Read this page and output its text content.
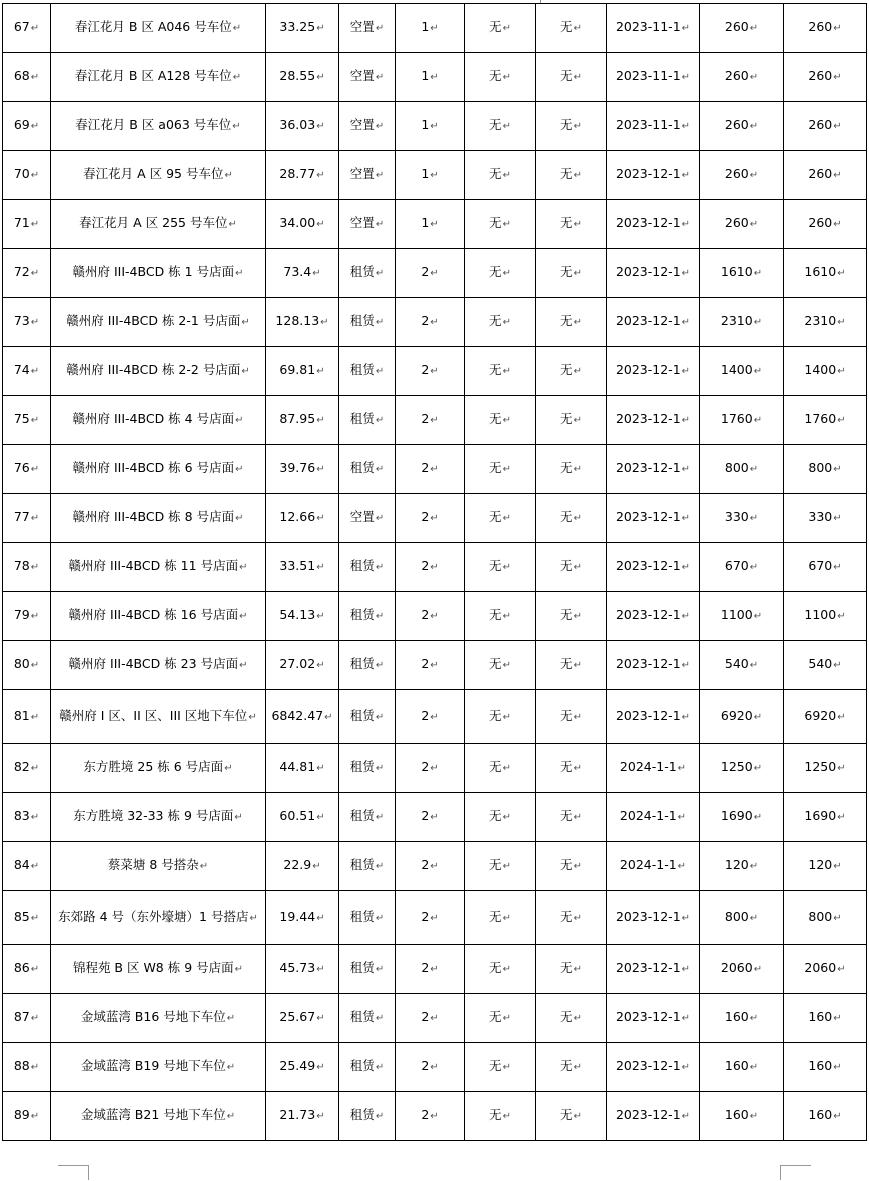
67↵	春江花月 B 区 A046 号车位↵	33.25↵	空置↵	1↵	无↵	无↵	2023-11-1↵	260↵	260↵
68↵	春江花月 B 区 A128 号车位↵	28.55↵	空置↵	1↵	无↵	无↵	2023-11-1↵	260↵	260↵
69↵	春江花月 B 区 a063 号车位↵	36.03↵	空置↵	1↵	无↵	无↵	2023-11-1↵	260↵	260↵
70↵	春江花月 A 区 95 号车位↵	28.77↵	空置↵	1↵	无↵	无↵	2023-12-1↵	260↵	260↵
71↵	春江花月 A 区 255 号车位↵	34.00↵	空置↵	1↵	无↵	无↵	2023-12-1↵	260↵	260↵
72↵	赣州府 III-4BCD 栋 1 号店面↵	73.4↵	租赁↵	2↵	无↵	无↵	2023-12-1↵	1610↵	1610↵
73↵	赣州府 III-4BCD 栋 2-1 号店面↵	128.13↵	租赁↵	2↵	无↵	无↵	2023-12-1↵	2310↵	2310↵
74↵	赣州府 III-4BCD 栋 2-2 号店面↵	69.81↵	租赁↵	2↵	无↵	无↵	2023-12-1↵	1400↵	1400↵
75↵	赣州府 III-4BCD 栋 4 号店面↵	87.95↵	租赁↵	2↵	无↵	无↵	2023-12-1↵	1760↵	1760↵
76↵	赣州府 III-4BCD 栋 6 号店面↵	39.76↵	租赁↵	2↵	无↵	无↵	2023-12-1↵	800↵	800↵
77↵	赣州府 III-4BCD 栋 8 号店面↵	12.66↵	空置↵	2↵	无↵	无↵	2023-12-1↵	330↵	330↵
78↵	赣州府 III-4BCD 栋 11 号店面↵	33.51↵	租赁↵	2↵	无↵	无↵	2023-12-1↵	670↵	670↵
79↵	赣州府 III-4BCD 栋 16 号店面↵	54.13↵	租赁↵	2↵	无↵	无↵	2023-12-1↵	1100↵	1100↵
80↵	赣州府 III-4BCD 栋 23 号店面↵	27.02↵	租赁↵	2↵	无↵	无↵	2023-12-1↵	540↵	540↵
81↵	赣州府 I 区、II 区、III 区地下车位↵	6842.47↵	租赁↵	2↵	无↵	无↵	2023-12-1↵	6920↵	6920↵
82↵	东方胜境 25 栋 6 号店面↵	44.81↵	租赁↵	2↵	无↵	无↵	2024-1-1↵	1250↵	1250↵
83↵	东方胜境 32-33 栋 9 号店面↵	60.51↵	租赁↵	2↵	无↵	无↵	2024-1-1↵	1690↵	1690↵
84↵	蔡菜塘 8 号搭杂↵	22.9↵	租赁↵	2↵	无↵	无↵	2024-1-1↵	120↵	120↵
85↵	东郊路 4 号（东外壕塘）1 号搭店↵	19.44↵	租赁↵	2↵	无↵	无↵	2023-12-1↵	800↵	800↵
86↵	锦程苑 B 区 W8 栋 9 号店面↵	45.73↵	租赁↵	2↵	无↵	无↵	2023-12-1↵	2060↵	2060↵
87↵	金域蓝湾 B16 号地下车位↵	25.67↵	租赁↵	2↵	无↵	无↵	2023-12-1↵	160↵	160↵
88↵	金域蓝湾 B19 号地下车位↵	25.49↵	租赁↵	2↵	无↵	无↵	2023-12-1↵	160↵	160↵
89↵	金域蓝湾 B21 号地下车位↵	21.73↵	租赁↵	2↵	无↵	无↵	2023-12-1↵	160↵	160↵
